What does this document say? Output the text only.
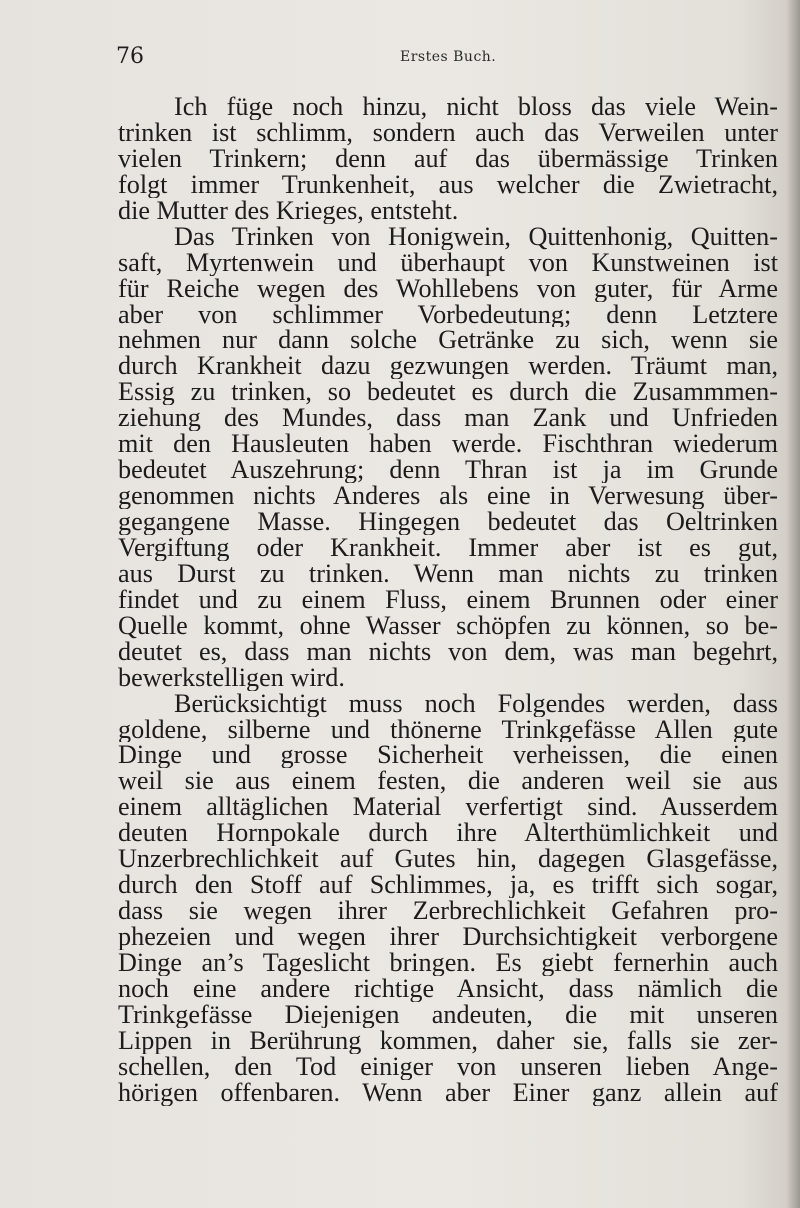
76	Erstes Buch.
Ich füge noch hinzu, nicht bloss das viele Wein-
trinken ist schlimm, sondern auch das Verweilen unter
vielen Trinkern; denn auf das übermässige Trinken
folgt immer Trunkenheit, aus welcher die Zwietracht,
die Mutter des Krieges, entsteht.
Das Trinken von Honigwein, Quittenhonig, Quitten-
saft, Myrtenwein und überhaupt von Kunstweinen ist
für Reiche wegen des Wohllebens von guter, für Arme
aber von schlimmer Vorbedeutung; denn Letztere
nehmen nur dann solche Getränke zu sich, wenn sie
durch Krankheit dazu gezwungen werden. Träumt man,
Essig zu trinken, so bedeutet es durch die Zusammmen-
ziehung des Mundes, dass man Zank und Unfrieden
mit den Hausleuten haben werde. Fischthran wiederum
bedeutet Auszehrung; denn Thran ist ja im Grunde
genommen nichts Anderes als eine in Verwesung über-
gegangene Masse. Hingegen bedeutet das Oeltrinken
Vergiftung oder Krankheit. Immer aber ist es gut,
aus Durst zu trinken. Wenn man nichts zu trinken
findet und zu einem Fluss, einem Brunnen oder einer
Quelle kommt, ohne Wasser schöpfen zu können, so be-
deutet es, dass man nichts von dem, was man begehrt,
bewerkstelligen wird.
Berücksichtigt muss noch Folgendes werden, dass
goldene, silberne und thönerne Trinkgefässe Allen gute
Dinge und grosse Sicherheit verheissen, die einen
weil sie aus einem festen, die anderen weil sie aus
einem alltäglichen Material verfertigt sind. Ausserdem
deuten Hornpokale durch ihre Alterthümlichkeit und
Unzerbrechlichkeit auf Gutes hin, dagegen Glasgefässe,
durch den Stoff auf Schlimmes, ja, es trifft sich sogar,
dass sie wegen ihrer Zerbrechlichkeit Gefahren pro-
phezeien und wegen ihrer Durchsichtigkeit verborgene
Dinge an’s Tageslicht bringen. Es giebt fernerhin auch
noch eine andere richtige Ansicht, dass nämlich die
Trinkgefässe Diejenigen andeuten, die mit unseren
Lippen in Berührung kommen, daher sie, falls sie zer-
schellen, den Tod einiger von unseren lieben Ange-
hörigen offenbaren. Wenn aber Einer ganz allein auf
